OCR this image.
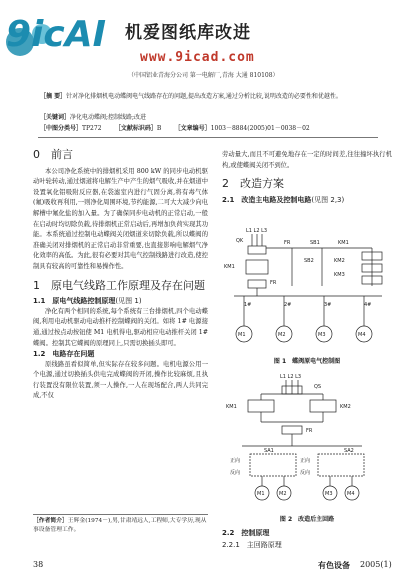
9icAI 机爱图纸库改进
www.9icad.com
（中国铝业青海分公司 第一电解厂,青海 大通 810108）
［摘 要］针对净化排烟机电动蝶阀电气线路存在的问题,提出改造方案,通过分析比较,说明改造的必要性和优越性。
［关键词］净化电动蝶阀;控制线路;改进
［中图分类号］TP272 ［文献标识码］B ［文章编号］1003－8884(2005)01－0038－02
0　前言

本公司净化系统中的排烟机采用 800 kW 的同步电动机驱动叶轮转动,通过烟道将电解生产中产生的烟气吸收,并在烟道中设置氧化铝吸附反应器,在袋滤室内进行气固分离,将有毒气体(氟)吸收再利用,一则净化周围环境,节约能源,二可大大减少向电解槽中氟化盐的加入量。为了确保同步电动机的正常启动,一般在启动时均切除负载,待排烟机正常启动后,再增加负荷实现其功能。本系统通过控制电动蝶阀关闭烟道来切除负载,所以蝶阀的准确关闭对排烟机的正常启动非常重要,也直接影响电解烟气净化效率的高低。为此,很有必要对其电气控制线路进行改造,使控制具有较高的可靠性和易操作性。

1　原电气线路工作原理及存在问题
1.1　原电气线路控制原理(见图 1)

净化有两个相同的系统,每个系统有三台排烟机,四个电动蝶阀,利用电动机驱动电动推杆控制蝶阀的关闭。如将 1# 电源接通,通过按点动按钮使 M1 电机得电,驱动相应电动推杆关闭 1# 蝶阀。控制其它蝶阀的原理同上,只需切换插头即可。

1.2　电路存在问题

原线路虽看似简单,但实际存在较多问题。电机电源公用一个电源,通过切换插头供电完成蝶阀的开闭,操作比较麻烦,且执行装置没有限位装置,须一人操作,一人在现场配合,两人共同完成,不仅

［作者简介］王辉金(1974－),男,甘肃靖远人,工程师,大专学历,现从事设备管理工作。
劳动量大,而且不可避免地存在一定的时间差,往往撞坏执行机构,或使蝶阀关闭不到位。
2　改造方案
2.1　改造主电路及控制电路(见图 2,3)
L1 L2 L3
QK	FR	SB1	KM1
SB2	KM2
KM3
KM1
FR
1#	2#	3#	4#
M1	M2	M3	M4
图 1　蝶阀原电气控制图
L1 L2 L3
QS
KM1	KM2
FR
SA1	SA2
正向
反向
正向
反向
M1	M2	M3	M4
图 2　改造后主回路
2.2　控制原理
2.2.1　主回路原理
38	有色设备 2005(1)
